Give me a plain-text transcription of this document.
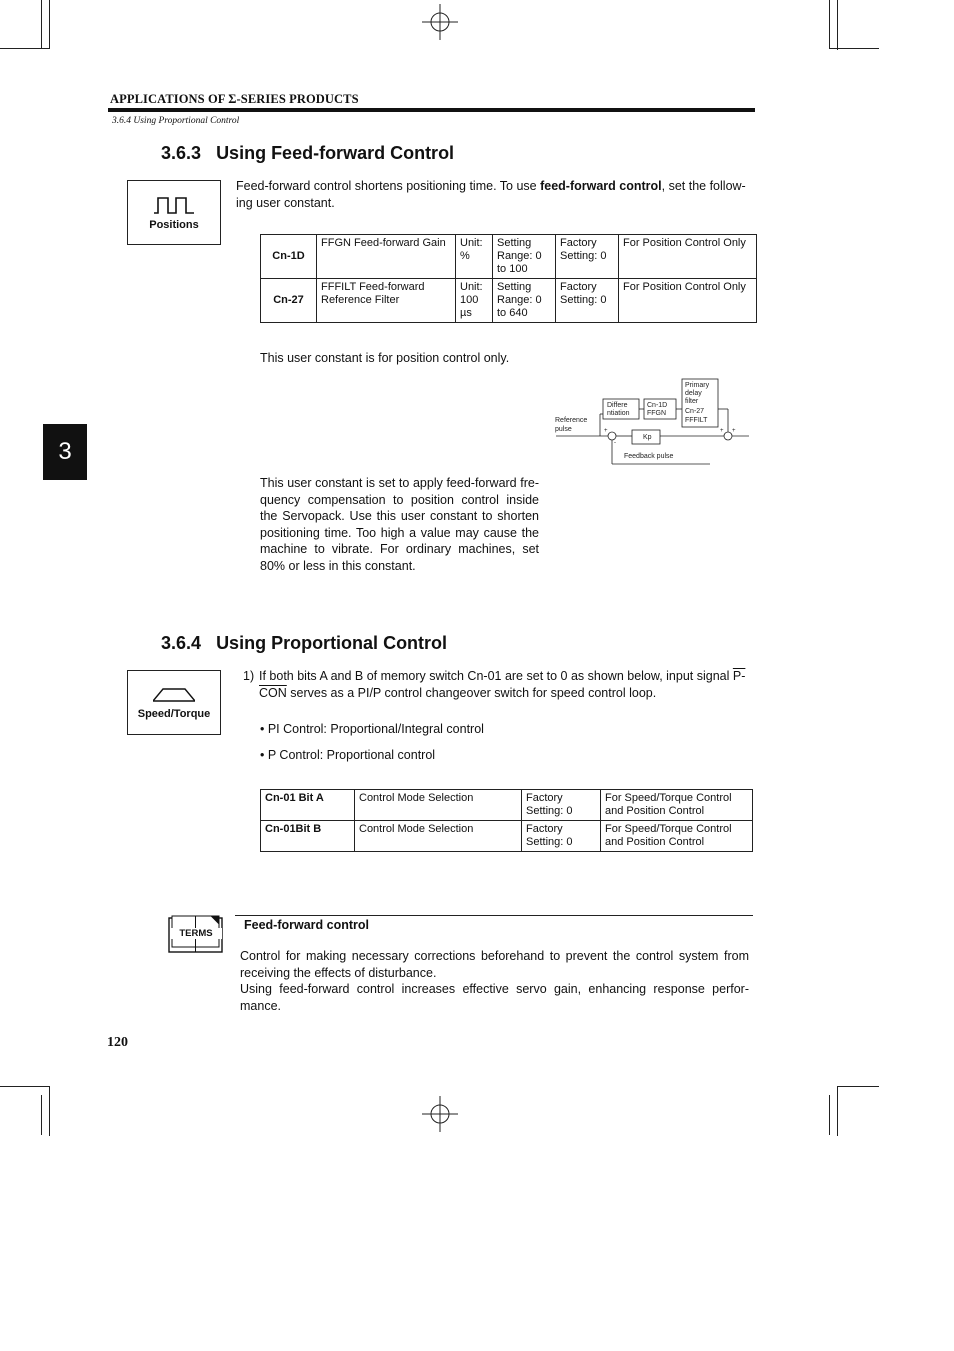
APPLICATIONS OF Σ-SERIES PRODUCTS
3.6.4 Using Proportional Control
3
3.6.3 Using Feed-forward Control
Positions
Feed-forward control shortens positioning time. To use feed-forward control, set the follow-ing user constant.
Cn-1D	FFGN Feed-forward Gain	Unit: %	Setting Range: 0 to 100	Factory Setting: 0	For Position Control Only
Cn-27	FFFILT Feed-forward Reference Filter	Unit: 100 µs	Setting Range: 0 to 640	Factory Setting: 0	For Position Control Only
This user constant is for position control only.
Reference
pulse	+
-
+ +
Differe
ntiation
Cn-1D
FFGN
Primary
delay
filter
Cn-27
FFFILT
Kp
Feedback pulse
This user constant is set to apply feed-forward fre-quency compensation to position control inside the Servopack. Use this user constant to shorten positioning time. Too high a value may cause the machine to vibrate. For ordinary machines, set 80% or less in this constant.
3.6.4 Using Proportional Control
Speed/Torque
1) If both bits A and B of memory switch Cn-01 are set to 0 as shown below, input signal P-CON serves as a PI/P control changeover switch for speed control loop.
• PI Control: Proportional/Integral control
• P Control: Proportional control
Cn-01 Bit A	Control Mode Selection	Factory Setting: 0	For Speed/Torque Control and Position Control
Cn-01Bit B	Control Mode Selection	Factory Setting: 0	For Speed/Torque Control and Position Control
TERMS
Feed-forward control
Control for making necessary corrections beforehand to prevent the control system from receiving the effects of disturbance.
Using feed-forward control increases effective servo gain, enhancing response perfor-mance.
120
